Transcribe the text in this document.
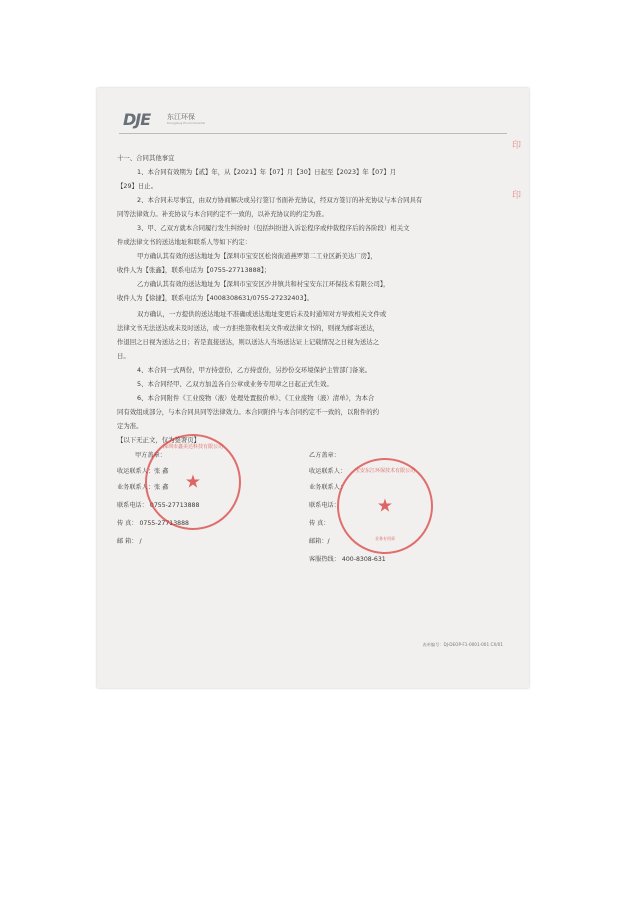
DJE 东江环保
Dongjiang Environmental
十一、合同其他事宜
1、本合同有效期为【贰】年，从【2021】年【07】月【30】日起至【2023】年【07】月
【29】日止。
2、本合同未尽事宜，由双方协商解决或另行签订书面补充协议，经双方签订的补充协议与本合同具有
同等法律效力。补充协议与本合同约定不一致的，以补充协议的约定为准。
3、甲、乙双方就本合同履行发生纠纷时（包括纠纷进入诉讼程序或仲裁程序后的各阶段）相关文
件或法律文书的送达地址和联系人等如下约定：
甲方确认其有效的送达地址为【深圳市宝安区松岗街道燕罗第二工业区新美达厂房】，
收件人为【张鑫】，联系电话为【0755-27713888】；
乙方确认其有效的送达地址为【深圳市宝安区沙井镇共和村宝安东江环保技术有限公司】，
收件人为【徐捷】，联系电话为【4008308631/0755-27232403】。
双方确认，一方提供的送达地址不准确或送达地址变更后未及时通知对方导致相关文件或
法律文书无法送达或未及时送达，或一方拒绝签收相关文件或法律文书的，则视为邮寄送达，
作退回之日视为送达之日；若是直接送达，则以送达人当场送达证上记载情况之日视为送达之
日。
4、本合同一式两份，甲方持壹份，乙方持壹份，另抄份交环境保护主管部门备案。
5、本合同经甲、乙双方加盖各自公章或业务专用章之日起正式生效。
6、本合同附件《工业废物（液）处理处置报价单》、《工业废物（液）清单》，为本合
同有效组成部分，与本合同具同等法律效力。本合同附件与本合同约定不一致的，以附件的约
定为准。
【以下无正文，仅为签署页】
甲方盖章：
收运联系人：张 鑫
业务联系人：张 鑫
联系电话： 0755-27713888
传 真： 0755-27713888
邮 箱： /
乙方盖章：
收运联系人：
业务联系人：
联系电话：
传 真：
邮箱：/
客服热线： 400-8308-631
深圳市鑫美达科技有限公司
★
宝安东江环保技术有限公司
★
业务专用章
印
印
表单编号：DJ-DEOP-F1-0001-001 CX/01
